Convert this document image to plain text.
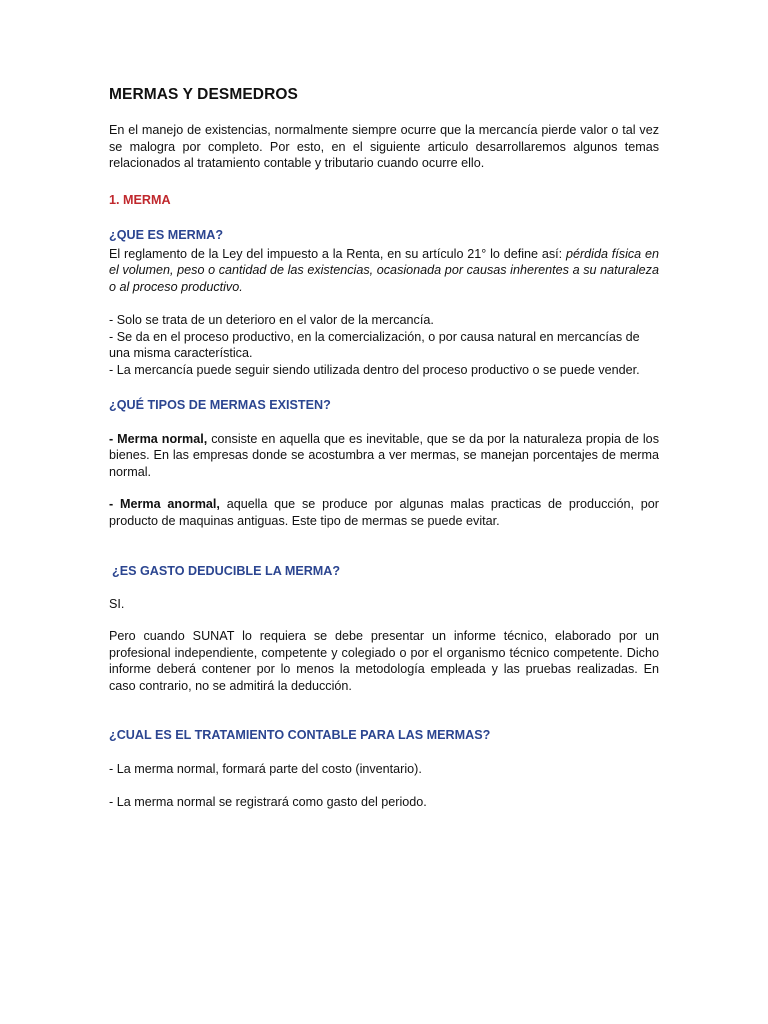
MERMAS Y DESMEDROS

En el manejo de existencias, normalmente siempre ocurre que la mercancía pierde valor o tal vez se malogra por completo. Por esto, en el siguiente articulo desarrollaremos algunos temas relacionados al tratamiento contable y tributario cuando ocurre ello.

1. MERMA

¿QUE ES MERMA?

El reglamento de la Ley del impuesto a la Renta, en su artículo 21° lo define así: pérdida física en el volumen, peso o cantidad de las existencias, ocasionada por causas inherentes a su naturaleza o al proceso productivo.

- Solo se trata de un deterioro en el valor de la mercancía.

- Se da en el proceso productivo, en la comercialización, o por causa natural en mercancías de una misma característica.

- La mercancía puede seguir siendo utilizada dentro del proceso productivo o se puede vender.

¿QUÉ TIPOS DE MERMAS EXISTEN?

- Merma normal, consiste en aquella que es inevitable, que se da por la naturaleza propia de los bienes. En las empresas donde se acostumbra a ver mermas, se manejan porcentajes de merma normal.

- Merma anormal, aquella que se produce por algunas malas practicas de producción, por producto de maquinas antiguas. Este tipo de mermas se puede evitar.

¿ES GASTO DEDUCIBLE LA MERMA?

SI.

Pero cuando SUNAT lo requiera se debe presentar un informe técnico, elaborado por un profesional independiente, competente y colegiado o por el organismo técnico competente. Dicho informe deberá contener por lo menos la metodología empleada y las pruebas realizadas. En caso contrario, no se admitirá la deducción.

¿CUAL ES EL TRATAMIENTO CONTABLE PARA LAS MERMAS?

- La merma normal, formará parte del costo (inventario).

- La merma normal se registrará como gasto del periodo.
